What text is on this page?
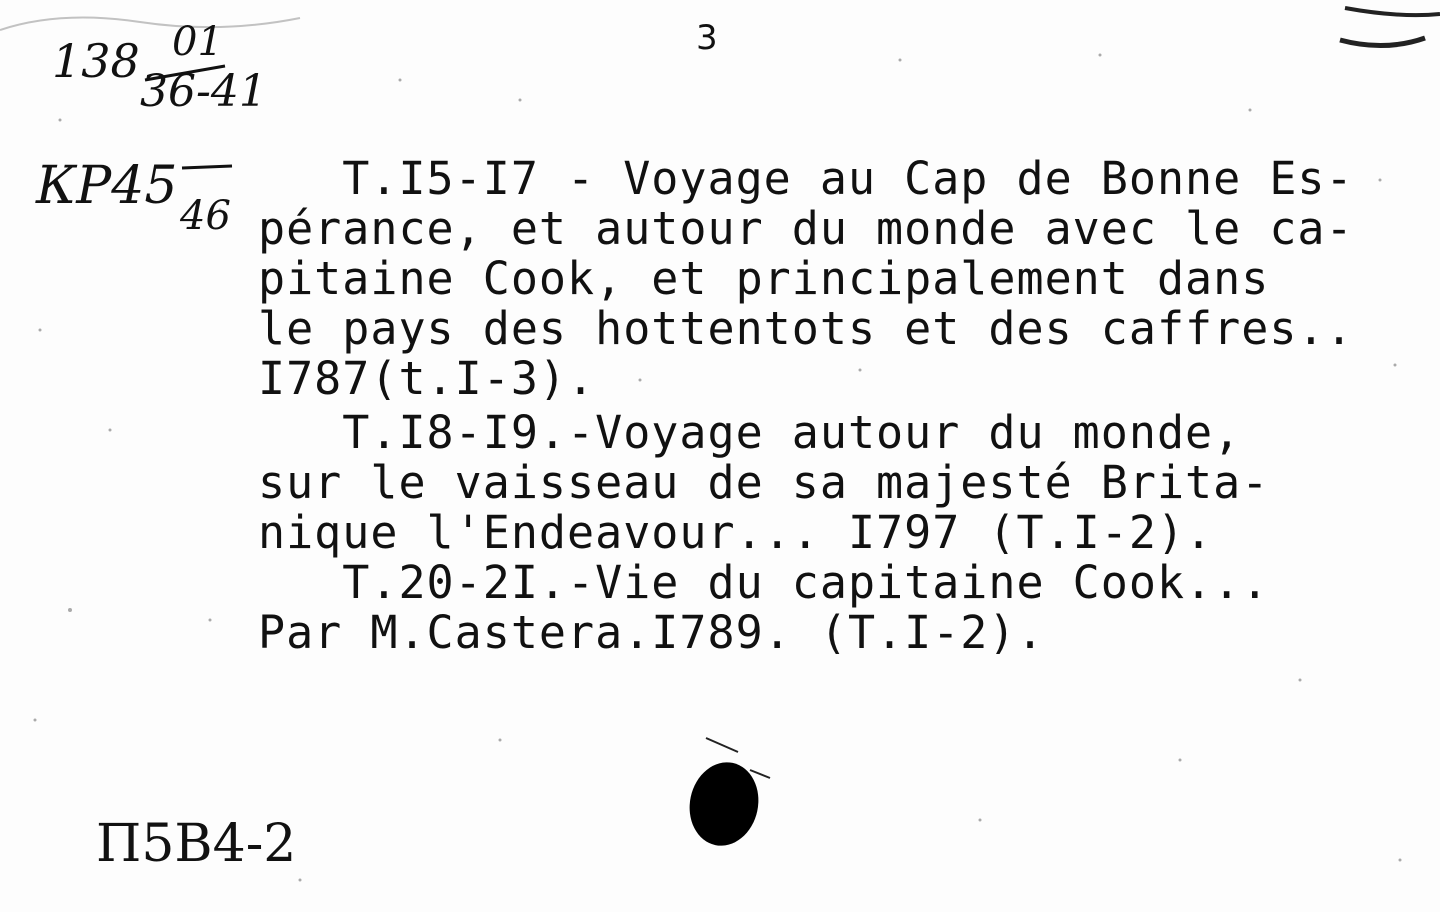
3
138 01
36-41
КР45 46
П5В4-2
T.I5-I7 - Voyage au Cap de Bonne Es-
pérance, et autour du monde avec le ca-
pitaine Cook, et principalement dans
le pays des hottentots et des caffres..
I787(t.I-3).
T.I8-I9.-Voyage autour du monde,
sur le vaisseau de sa majesté Brita-
nique l'Endeavour... I797 (T.I-2).
T.20-2I.-Vie du capitaine Cook...
Par M.Castera.I789. (T.I-2).
